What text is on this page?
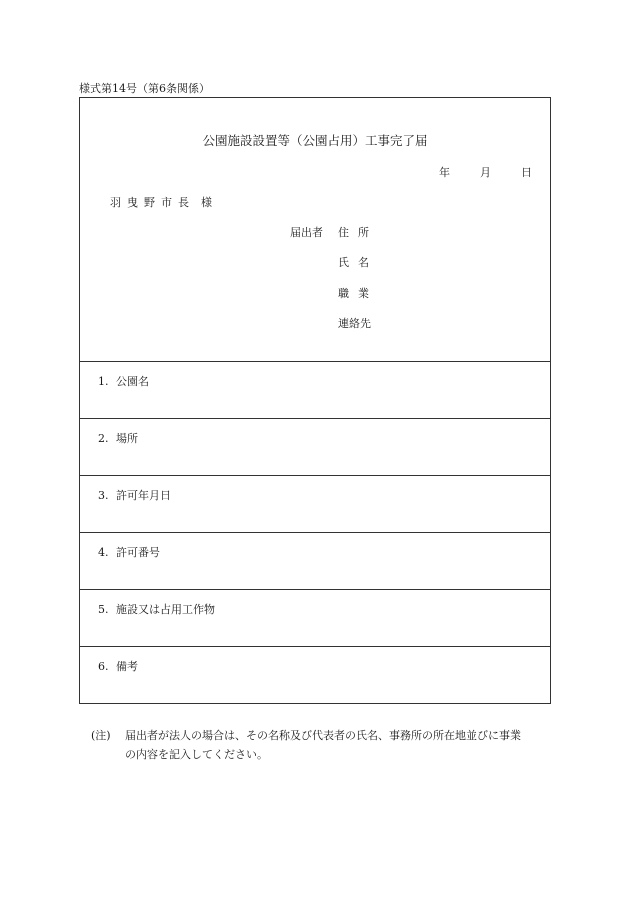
様式第14号（第6条関係）
公園施設設置等（公園占用）工事完了届
年	月	日
羽曳野市長 様
届出者 住所
氏名
職業
連絡先
1. 公園名
2. 場所
3. 許可年月日
4. 許可番号
5. 施設又は占用工作物
6. 備考
(注) 届出者が法人の場合は、その名称及び代表者の氏名、事務所の所在地並びに事業
の内容を記入してください。
